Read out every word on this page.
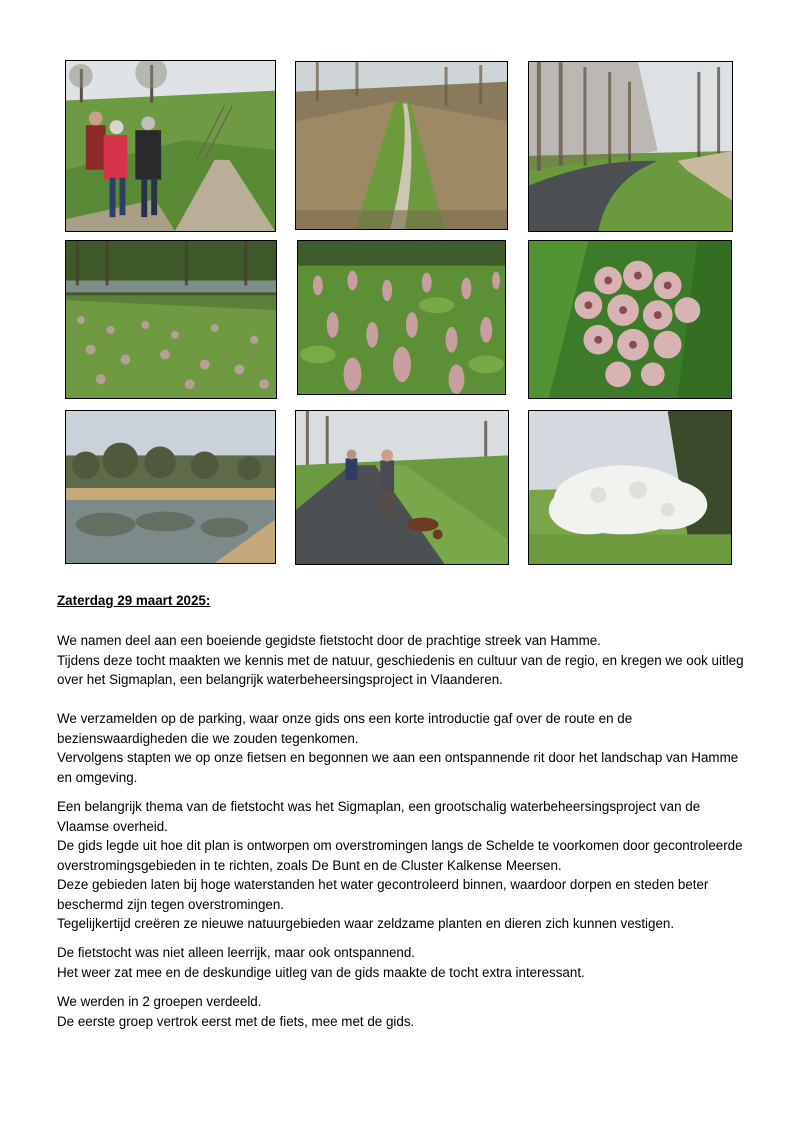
Zaterdag 29 maart 2025:

We namen deel aan een boeiende gegidste fietstocht door de prachtige streek van Hamme.

Tijdens deze tocht maakten we kennis met de natuur, geschiedenis en cultuur van de regio, en kregen we ook uitleg over het Sigmaplan, een belangrijk waterbeheersingsproject in Vlaanderen.

We verzamelden op de parking, waar onze gids ons een korte introductie gaf over de route en de bezienswaardigheden die we zouden tegenkomen.

Vervolgens stapten we op onze fietsen en begonnen we aan een ontspannende rit door het landschap van Hamme en omgeving.

Een belangrijk thema van de fietstocht was het Sigmaplan, een grootschalig waterbeheersingsproject van de Vlaamse overheid.

De gids legde uit hoe dit plan is ontworpen om overstromingen langs de Schelde te voorkomen door gecontroleerde overstromingsgebieden in te richten, zoals De Bunt en de Cluster Kalkense Meersen.

Deze gebieden laten bij hoge waterstanden het water gecontroleerd binnen, waardoor dorpen en steden beter beschermd zijn tegen overstromingen.

Tegelijkertijd creëren ze nieuwe natuurgebieden waar zeldzame planten en dieren zich kunnen vestigen.

De fietstocht was niet alleen leerrijk, maar ook ontspannend.

Het weer zat mee en de deskundige uitleg van de gids maakte de tocht extra interessant.

We werden in 2 groepen verdeeld.

De eerste groep vertrok eerst met de fiets, mee met de gids.
